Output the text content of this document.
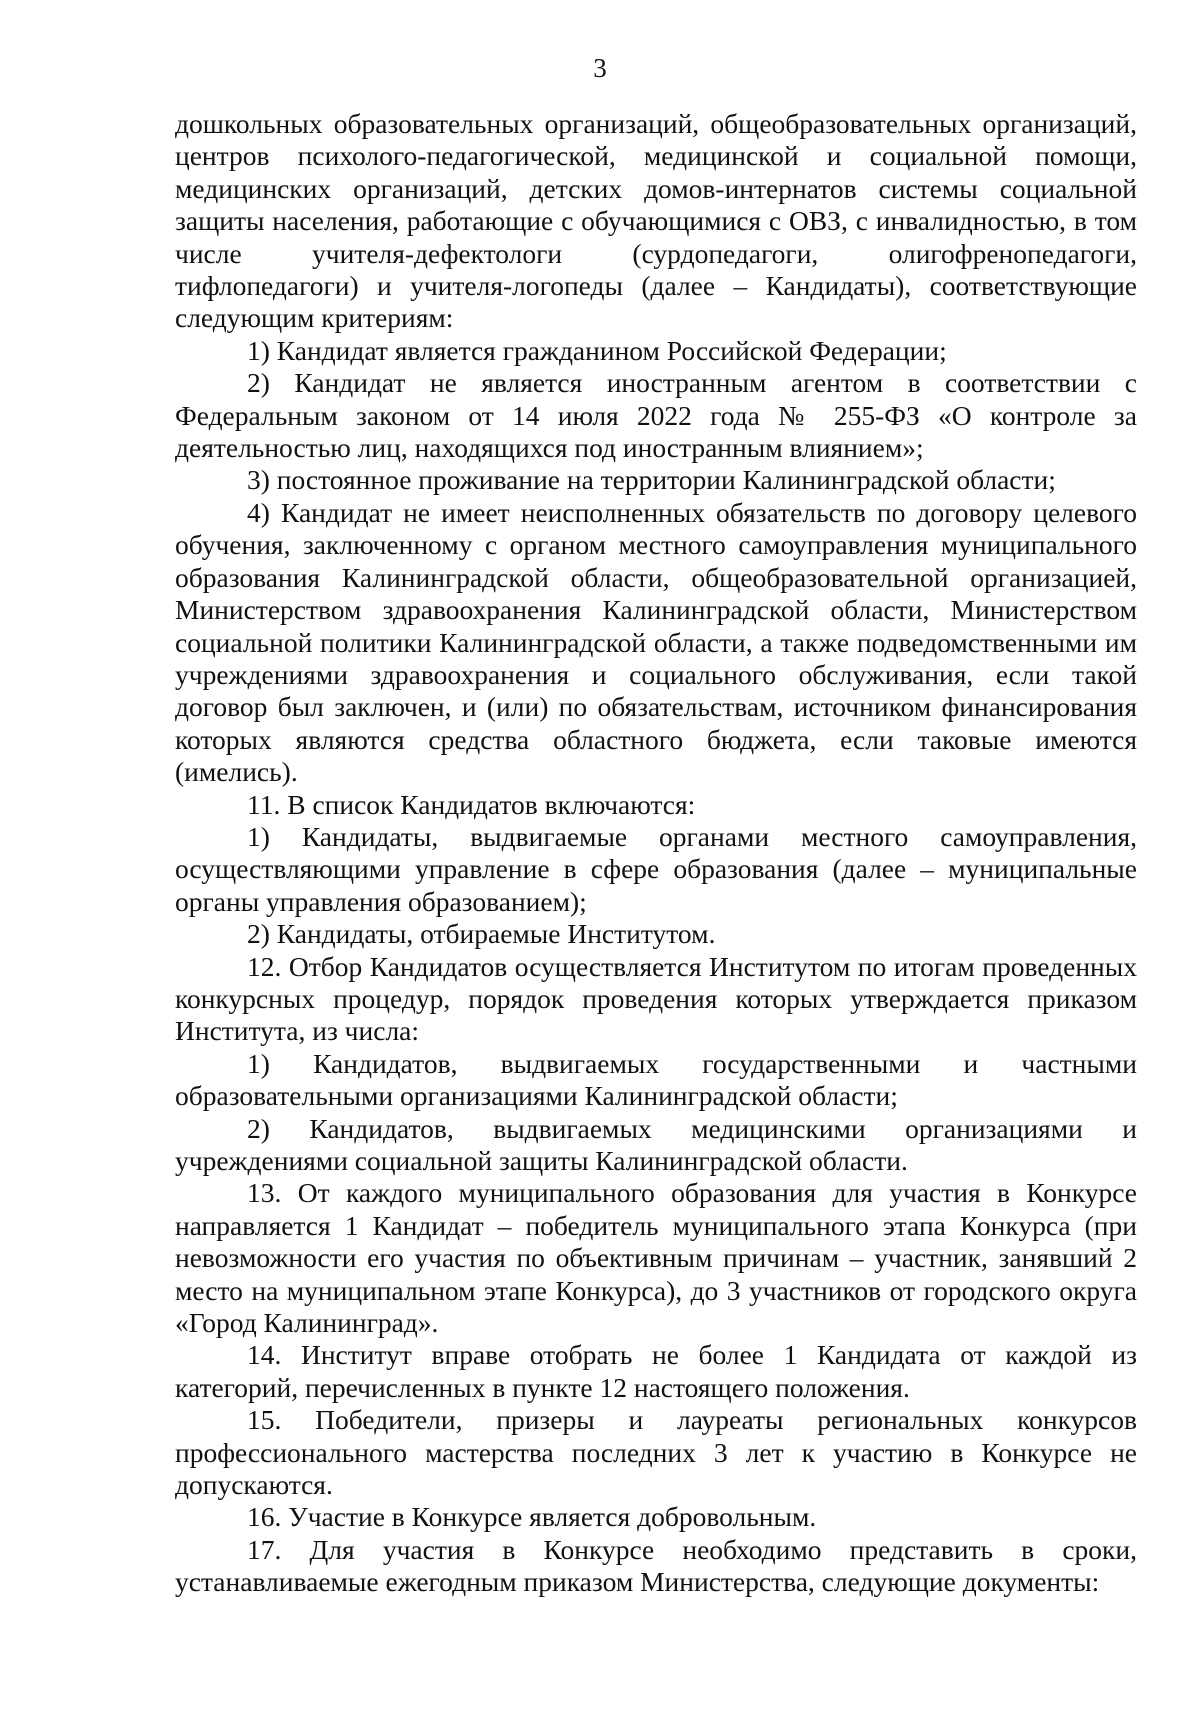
3

дошкольных образовательных организаций, общеобразовательных организаций, центров психолого-педагогической, медицинской и социальной помощи, медицинских организаций, детских домов-интернатов системы социальной защиты населения, работающие с обучающимися с ОВЗ, с инвалидностью, в том числе учителя-дефектологи (сурдопедагоги, олигофренопедагоги, тифлопедагоги) и учителя-логопеды (далее – Кандидаты), соответствующие следующим критериям:

1) Кандидат является гражданином Российской Федерации;

2) Кандидат не является иностранным агентом в соответствии с Федеральным законом от 14 июля 2022 года № 255-ФЗ «О контроле за деятельностью лиц, находящихся под иностранным влиянием»;

3) постоянное проживание на территории Калининградской области;

4) Кандидат не имеет неисполненных обязательств по договору целевого обучения, заключенному с органом местного самоуправления муниципального образования Калининградской области, общеобразовательной организацией, Министерством здравоохранения Калининградской области, Министерством социальной политики Калининградской области, а также подведомственными им учреждениями здравоохранения и социального обслуживания, если такой договор был заключен, и (или) по обязательствам, источником финансирования которых являются средства областного бюджета, если таковые имеются (имелись).

11. В список Кандидатов включаются:

1) Кандидаты, выдвигаемые органами местного самоуправления, осуществляющими управление в сфере образования (далее – муниципальные органы управления образованием);

2) Кандидаты, отбираемые Институтом.

12. Отбор Кандидатов осуществляется Институтом по итогам проведенных конкурсных процедур, порядок проведения которых утверждается приказом Института, из числа:

1) Кандидатов, выдвигаемых государственными и частными образовательными организациями Калининградской области;

2) Кандидатов, выдвигаемых медицинскими организациями и учреждениями социальной защиты Калининградской области.

13. От каждого муниципального образования для участия в Конкурсе направляется 1 Кандидат – победитель муниципального этапа Конкурса (при невозможности его участия по объективным причинам – участник, занявший 2 место на муниципальном этапе Конкурса), до 3 участников от городского округа «Город Калининград».

14. Институт вправе отобрать не более 1 Кандидата от каждой из категорий, перечисленных в пункте 12 настоящего положения.

15. Победители, призеры и лауреаты региональных конкурсов профессионального мастерства последних 3 лет к участию в Конкурсе не допускаются.

16. Участие в Конкурсе является добровольным.

17. Для участия в Конкурсе необходимо представить в сроки, устанавливаемые ежегодным приказом Министерства, следующие документы:
